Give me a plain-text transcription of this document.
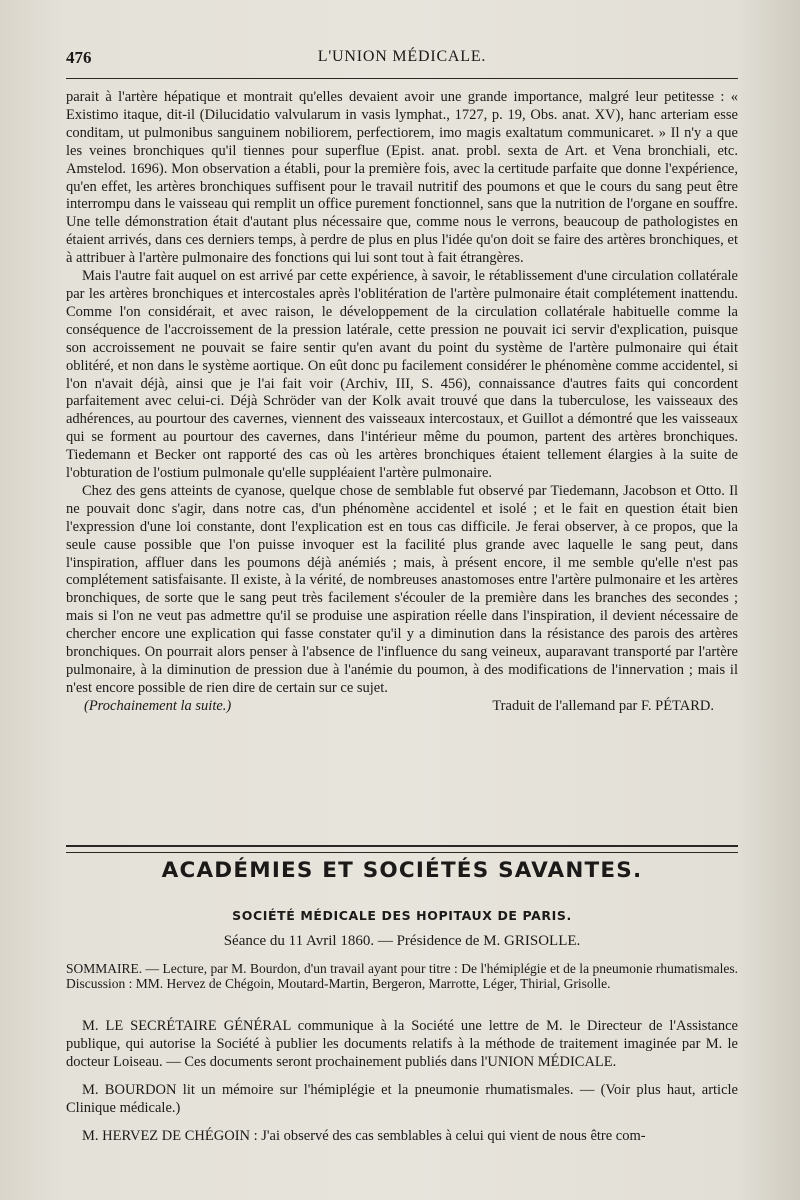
476	L'UNION MÉDICALE.

parait à l'artère hépatique et montrait qu'elles devaient avoir une grande importance, malgré leur petitesse : « Existimo itaque, dit-il (Dilucidatio valvularum in vasis lymphat., 1727, p. 19, Obs. anat. XV), hanc arteriam esse conditam, ut pulmonibus sanguinem nobiliorem, perfectiorem, imo magis exaltatum communicaret. » Il n'y a que les veines bronchiques qu'il tiennes pour superflue (Epist. anat. probl. sexta de Art. et Vena bronchiali, etc. Amstelod. 1696). Mon observation a établi, pour la première fois, avec la certitude parfaite que donne l'expérience, qu'en effet, les artères bronchiques suffisent pour le travail nutritif des poumons et que le cours du sang peut être interrompu dans le vaisseau qui remplit un office purement fonctionnel, sans que la nutrition de l'organe en souffre. Une telle démonstration était d'autant plus nécessaire que, comme nous le verrons, beaucoup de pathologistes en étaient arrivés, dans ces derniers temps, à perdre de plus en plus l'idée qu'on doit se faire des artères bronchiques, et à attribuer à l'artère pulmonaire des fonctions qui lui sont tout à fait étrangères.

Mais l'autre fait auquel on est arrivé par cette expérience, à savoir, le rétablissement d'une circulation collatérale par les artères bronchiques et intercostales après l'oblitération de l'artère pulmonaire était complétement inattendu. Comme l'on considérait, et avec raison, le développement de la circulation collatérale habituelle comme la conséquence de l'accroissement de la pression latérale, cette pression ne pouvait ici servir d'explication, puisque son accroissement ne pouvait se faire sentir qu'en avant du point du système de l'artère pulmonaire qui était oblitéré, et non dans le système aortique. On eût donc pu facilement considérer le phénomène comme accidentel, si l'on n'avait déjà, ainsi que je l'ai fait voir (Archiv, III, S. 456), connaissance d'autres faits qui concordent parfaitement avec celui-ci. Déjà Schröder van der Kolk avait trouvé que dans la tuberculose, les vaisseaux des adhérences, au pourtour des cavernes, viennent des vaisseaux intercostaux, et Guillot a démontré que les vaisseaux qui se forment au pourtour des cavernes, dans l'intérieur même du poumon, partent des artères bronchiques. Tiedemann et Becker ont rapporté des cas où les artères bronchiques étaient tellement élargies à la suite de l'obturation de l'ostium pulmonale qu'elle suppléaient l'artère pulmonaire.

Chez des gens atteints de cyanose, quelque chose de semblable fut observé par Tiedemann, Jacobson et Otto. Il ne pouvait donc s'agir, dans notre cas, d'un phénomène accidentel et isolé ; et le fait en question était bien l'expression d'une loi constante, dont l'explication est en tous cas difficile. Je ferai observer, à ce propos, que la seule cause possible que l'on puisse invoquer est la facilité plus grande avec laquelle le sang peut, dans l'inspiration, affluer dans les poumons déjà anémiés ; mais, à présent encore, il me semble qu'elle n'est pas complétement satisfaisante. Il existe, à la vérité, de nombreuses anastomoses entre l'artère pulmonaire et les artères bronchiques, de sorte que le sang peut très facilement s'écouler de la première dans les branches des secondes ; mais si l'on ne veut pas admettre qu'il se produise une aspiration réelle dans l'inspiration, il devient nécessaire de chercher encore une explication qui fasse constater qu'il y a diminution dans la résistance des parois des artères bronchiques. On pourrait alors penser à l'absence de l'influence du sang veineux, auparavant transporté par l'artère pulmonaire, à la diminution de pression due à l'anémie du poumon, à des modifications de l'innervation ; mais il n'est encore possible de rien dire de certain sur ce sujet.

(Prochainement la suite.)	Traduit de l'allemand par F. PÉTARD.
ACADÉMIES ET SOCIÉTÉS SAVANTES.
SOCIÉTÉ MÉDICALE DES HOPITAUX DE PARIS.
Séance du 11 Avril 1860. — Présidence de M. GRISOLLE.
SOMMAIRE. — Lecture, par M. Bourdon, d'un travail ayant pour titre : De l'hémiplégie et de la pneumonie rhumatismales. Discussion : MM. Hervez de Chégoin, Moutard-Martin, Bergeron, Marrotte, Léger, Thirial, Grisolle.

M. LE SECRÉTAIRE GÉNÉRAL communique à la Société une lettre de M. le Directeur de l'Assistance publique, qui autorise la Société à publier les documents relatifs à la méthode de traitement imaginée par M. le docteur Loiseau. — Ces documents seront prochainement publiés dans l'UNION MÉDICALE.

M. BOURDON lit un mémoire sur l'hémiplégie et la pneumonie rhumatismales. — (Voir plus haut, article Clinique médicale.)

M. HERVEZ DE CHÉGOIN : J'ai observé des cas semblables à celui qui vient de nous être com-
